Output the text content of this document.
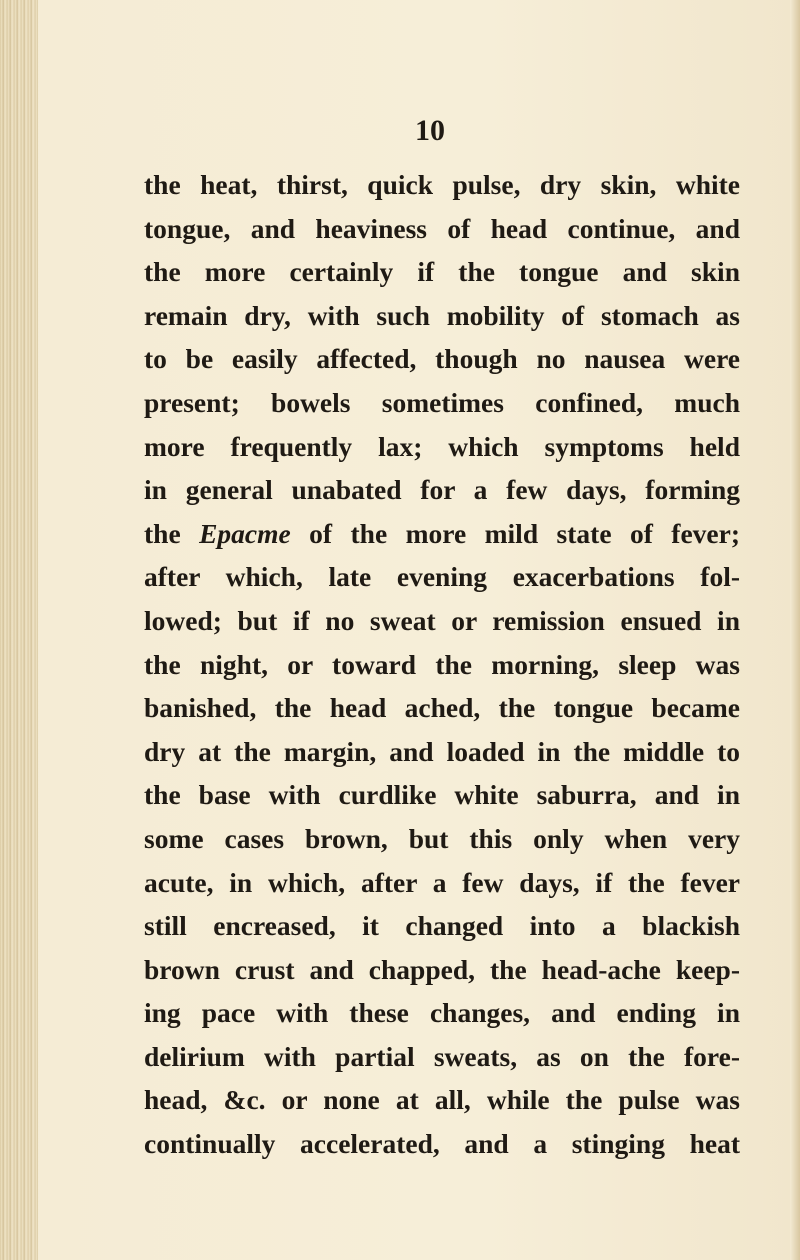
10
the heat, thirst, quick pulse, dry skin, white
tongue, and heaviness of head continue, and
the more certainly if the tongue and skin
remain dry, with such mobility of stomach as
to be easily affected, though no nausea were
present; bowels sometimes confined, much
more frequently lax; which symptoms held
in general unabated for a few days, forming
the Epacme of the more mild state of fever;
after which, late evening exacerbations fol-
lowed; but if no sweat or remission ensued in
the night, or toward the morning, sleep was
banished, the head ached, the tongue became
dry at the margin, and loaded in the middle to
the base with curdlike white saburra, and in
some cases brown, but this only when very
acute, in which, after a few days, if the fever
still encreased, it changed into a blackish
brown crust and chapped, the head-ache keep-
ing pace with these changes, and ending in
delirium with partial sweats, as on the fore-
head, &c. or none at all, while the pulse was
continually accelerated, and a stinging heat
